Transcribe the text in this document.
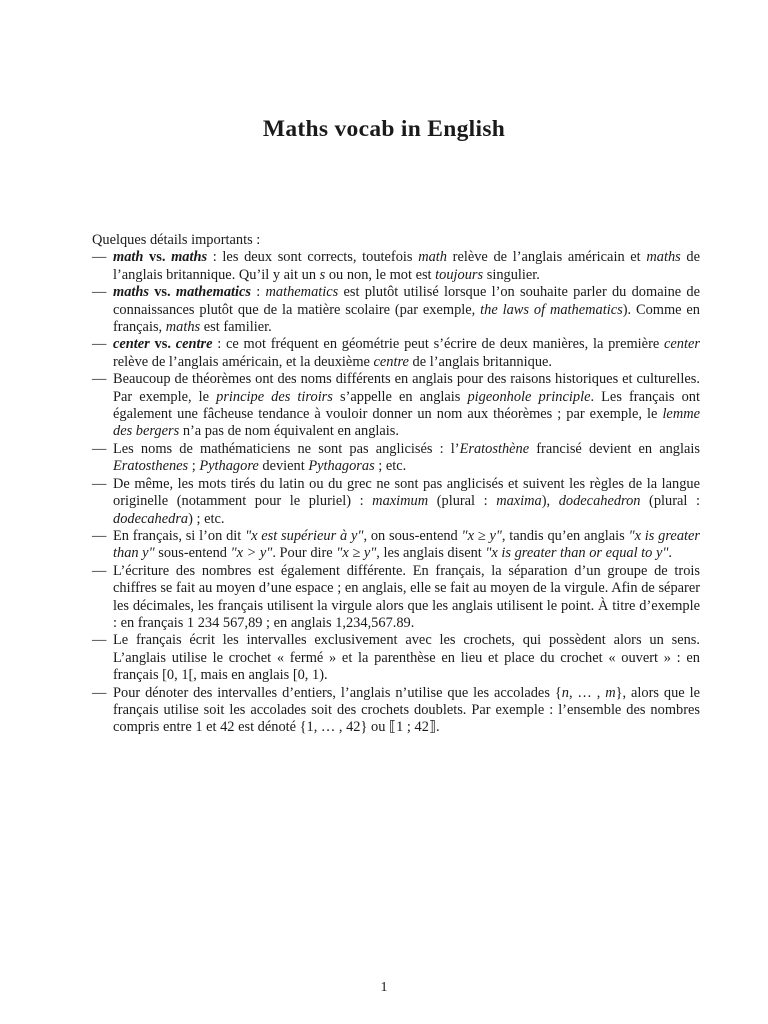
Maths vocab in English

Quelques détails importants :

— math vs. maths : les deux sont corrects, toutefois math relève de l’anglais américain et maths de l’anglais britannique. Qu’il y ait un s ou non, le mot est toujours singulier.
— maths vs. mathematics : mathematics est plutôt utilisé lorsque l’on souhaite parler du domaine de connaissances plutôt que de la matière scolaire (par exemple, the laws of mathematics). Comme en français, maths est familier.
— center vs. centre : ce mot fréquent en géométrie peut s’écrire de deux manières, la première center relève de l’anglais américain, et la deuxième centre de l’anglais britannique.
— Beaucoup de théorèmes ont des noms différents en anglais pour des raisons historiques et culturelles. Par exemple, le principe des tiroirs s’appelle en anglais pigeonhole principle. Les français ont également une fâcheuse tendance à vouloir donner un nom aux théorèmes ; par exemple, le lemme des bergers n’a pas de nom équivalent en anglais.
— Les noms de mathématiciens ne sont pas anglicisés : l’Eratosthène francisé devient en anglais Eratosthenes ; Pythagore devient Pythagoras ; etc.
— De même, les mots tirés du latin ou du grec ne sont pas anglicisés et suivent les règles de la langue originelle (notamment pour le pluriel) : maximum (plural : maxima), dodecahedron (plural : dodecahedra) ; etc.
— En français, si l’on dit "x est supérieur à y", on sous-entend "x ≥ y", tandis qu’en anglais "x is greater than y" sous-entend "x > y". Pour dire "x ≥ y", les anglais disent "x is greater than or equal to y".
— L’écriture des nombres est également différente. En français, la séparation d’un groupe de trois chiffres se fait au moyen d’une espace ; en anglais, elle se fait au moyen de la virgule. Afin de séparer les décimales, les français utilisent la virgule alors que les anglais utilisent le point. À titre d’exemple : en français 1 234 567,89 ; en anglais 1,234,567.89.
— Le français écrit les intervalles exclusivement avec les crochets, qui possèdent alors un sens. L’anglais utilise le crochet « fermé » et la parenthèse en lieu et place du crochet « ouvert » : en français [0, 1[, mais en anglais [0, 1).
— Pour dénoter des intervalles d’entiers, l’anglais n’utilise que les accolades {n, … , m}, alors que le français utilise soit les accolades soit des crochets doublets. Par exemple : l’ensemble des nombres compris entre 1 et 42 est dénoté {1, … , 42} ou ⟦1 ; 42⟧.
1
